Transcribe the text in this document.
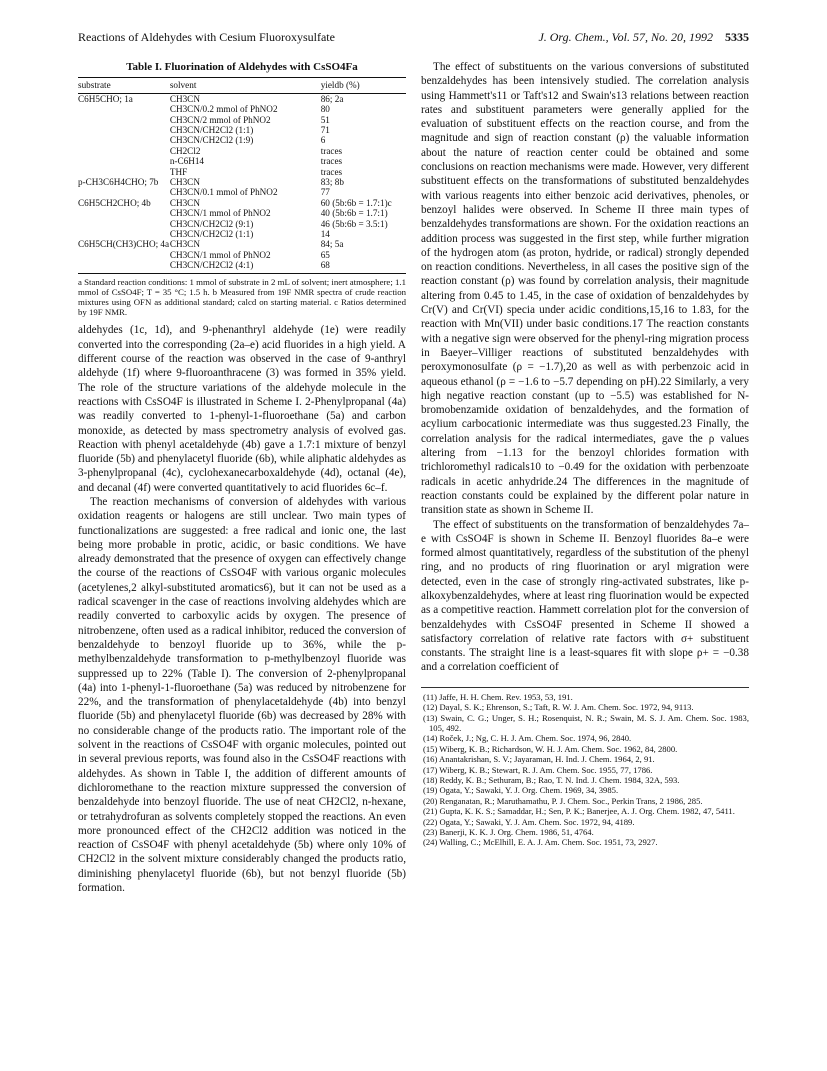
Reactions of Aldehydes with Cesium Fluoroxysulfate	J. Org. Chem., Vol. 57, No. 20, 1992 5335
Table I. Fluorination of Aldehydes with CsSO4Fa
substrate	solvent	yieldb (%)
C6H5CHO; 1a	CH3CN	86; 2a
	CH3CN/0.2 mmol of PhNO2	80
	CH3CN/2 mmol of PhNO2	51
	CH3CN/CH2Cl2 (1:1)	71
	CH3CN/CH2Cl2 (1:9)	6
	CH2Cl2	traces
	n-C6H14	traces
	THF	traces
p-CH3C6H4CHO; 7b	CH3CN	83; 8b
	CH3CN/0.1 mmol of PhNO2	77
C6H5CH2CHO; 4b	CH3CN	60 (5b:6b = 1.7:1)c
	CH3CN/1 mmol of PhNO2	40 (5b:6b = 1.7:1)
	CH3CN/CH2Cl2 (9:1)	46 (5b:6b = 3.5:1)
	CH3CN/CH2Cl2 (1:1)	14
C6H5CH(CH3)CHO; 4a	CH3CN	84; 5a
	CH3CN/1 mmol of PhNO2	65
	CH3CN/CH2Cl2 (4:1)	68
a Standard reaction conditions: 1 mmol of substrate in 2 mL of solvent; inert atmosphere; 1.1 mmol of CsSO4F; T = 35 °C; 1.5 h. b Measured from 19F NMR spectra of crude reaction mixtures using OFN as additional standard; calcd on starting material. c Ratios determined by 19F NMR.

aldehydes (1c, 1d), and 9-phenanthryl aldehyde (1e) were readily converted into the corresponding (2a–e) acid fluorides in a high yield. A different course of the reaction was observed in the case of 9-anthryl aldehyde (1f) where 9-fluoroanthracene (3) was formed in 35% yield. The role of the structure variations of the aldehyde molecule in the reactions with CsSO4F is illustrated in Scheme I. 2-Phenylpropanal (4a) was readily converted to 1-phenyl-1-fluoroethane (5a) and carbon monoxide, as detected by mass spectrometry analysis of evolved gas. Reaction with phenyl acetaldehyde (4b) gave a 1.7:1 mixture of benzyl fluoride (5b) and phenylacetyl fluoride (6b), while aliphatic aldehydes as 3-phenylpropanal (4c), cyclohexanecarboxaldehyde (4d), octanal (4e), and decanal (4f) were converted quantitatively to acid fluorides 6c–f.

The reaction mechanisms of conversion of aldehydes with various oxidation reagents or halogens are still unclear. Two main types of functionalizations are suggested: a free radical and ionic one, the last being more probable in protic, acidic, or basic conditions. We have already demonstrated that the presence of oxygen can effectively change the course of the reactions of CsSO4F with various organic molecules (acetylenes,2 alkyl-substituted aromatics6), but it can not be used as a radical scavenger in the case of reactions involving aldehydes which are readily converted to carboxylic acids by oxygen. The presence of nitrobenzene, often used as a radical inhibitor, reduced the conversion of benzaldehyde to benzoyl fluoride up to 36%, while the p-methylbenzaldehyde transformation to p-methylbenzoyl fluoride was suppressed up to 22% (Table I). The conversion of 2-phenylpropanal (4a) into 1-phenyl-1-fluoroethane (5a) was reduced by nitrobenzene for 22%, and the transformation of phenylacetaldehyde (4b) into benzyl fluoride (5b) and phenylacetyl fluoride (6b) was decreased by 28% with no considerable change of the products ratio. The important role of the solvent in the reactions of CsSO4F with organic molecules, pointed out in several previous reports, was found also in the CsSO4F reactions with aldehydes. As shown in Table I, the addition of different amounts of dichloromethane to the reaction mixture suppressed the conversion of benzaldehyde into benzoyl fluoride. The use of neat CH2Cl2, n-hexane, or tetrahydrofuran as solvents completely stopped the reactions. An even more pronounced effect of the CH2Cl2 addition was noticed in the reaction of CsSO4F with phenyl acetaldehyde (5b) where only 10% of CH2Cl2 in the solvent mixture considerably changed the products ratio, diminishing phenylacetyl fluoride (6b), but not benzyl fluoride (5b) formation.

The effect of substituents on the various conversions of substituted benzaldehydes has been intensively studied. The correlation analysis using Hammett's11 or Taft's12 and Swain's13 relations between reaction rates and substituent parameters were generally applied for the evaluation of substituent effects on the reaction course, and from the magnitude and sign of reaction constant (ρ) the valuable information about the nature of reaction center could be obtained and some conclusions on reaction mechanisms were made. However, very different substituent effects on the transformations of substituted benzaldehydes with various reagents into either benzoic acid derivatives, phenoles, or benzoyl halides were observed. In Scheme II three main types of benzaldehydes transformations are shown. For the oxidation reactions an addition process was suggested in the first step, while further migration of the hydrogen atom (as proton, hydride, or radical) strongly depended on reaction conditions. Nevertheless, in all cases the positive sign of the reaction constant (ρ) was found by correlation analysis, their magnitude altering from 0.45 to 1.45, in the case of oxidation of benzaldehydes by Cr(V) and Cr(VI) specia under acidic conditions,15,16 to 1.83, for the reaction with Mn(VII) under basic conditions.17 The reaction constants with a negative sign were observed for the phenyl-ring migration process in Baeyer–Villiger reactions of substituted benzaldehydes with peroxymonosulfate (ρ = −1.7),20 as well as with perbenzoic acid in aqueous ethanol (ρ = −1.6 to −5.7 depending on pH).22 Similarly, a very high negative reaction constant (up to −5.5) was established for N-bromobenzamide oxidation of benzaldehydes, and the formation of acylium carbocationic intermediate was thus suggested.23 Finally, the correlation analysis for the radical intermediates, gave the ρ values altering from −1.13 for the benzoyl chlorides formation with trichloromethyl radicals10 to −0.49 for the oxidation with perbenzoate radicals in acetic anhydride.24 The differences in the magnitude of reaction constants could be explained by the different polar nature in transition state as shown in Scheme II.

The effect of substituents on the transformation of benzaldehydes 7a–e with CsSO4F is shown in Scheme II. Benzoyl fluorides 8a–e were formed almost quantitatively, regardless of the substitution of the phenyl ring, and no products of ring fluorination or aryl migration were detected, even in the case of strongly ring-activated substrates, like p-alkoxybenzaldehydes, where at least ring fluorination would be expected as a competitive reaction. Hammett correlation plot for the conversion of benzaldehydes with CsSO4F presented in Scheme II showed a satisfactory correlation of relative rate factors with σ+ substituent constants. The straight line is a least-squares fit with slope ρ+ = −0.38 and a correlation coefficient of

(11) Jaffe, H. H. Chem. Rev. 1953, 53, 191.
(12) Dayal, S. K.; Ehrenson, S.; Taft, R. W. J. Am. Chem. Soc. 1972, 94, 9113.
(13) Swain, C. G.; Unger, S. H.; Rosenquist, N. R.; Swain, M. S. J. Am. Chem. Soc. 1983, 105, 492.
(14) Roček, J.; Ng, C. H. J. Am. Chem. Soc. 1974, 96, 2840.
(15) Wiberg, K. B.; Richardson, W. H. J. Am. Chem. Soc. 1962, 84, 2800.
(16) Anantakrishan, S. V.; Jayaraman, H. Ind. J. Chem. 1964, 2, 91.
(17) Wiberg, K. B.; Stewart, R. J. Am. Chem. Soc. 1955, 77, 1786.
(18) Reddy, K. B.; Sethuram, B.; Rao, T. N. Ind. J. Chem. 1984, 32A, 593.
(19) Ogata, Y.; Sawaki, Y. J. Org. Chem. 1969, 34, 3985.
(20) Renganatan, R.; Maruthamathu, P. J. Chem. Soc., Perkin Trans, 2 1986, 285.
(21) Gupta, K. K. S.; Samaddar, H.; Sen, P. K.; Banerjee, A. J. Org. Chem. 1982, 47, 5411.
(22) Ogata, Y.; Sawaki, Y. J. Am. Chem. Soc. 1972, 94, 4189.
(23) Banerji, K. K. J. Org. Chem. 1986, 51, 4764.
(24) Walling, C.; McElhill, E. A. J. Am. Chem. Soc. 1951, 73, 2927.
